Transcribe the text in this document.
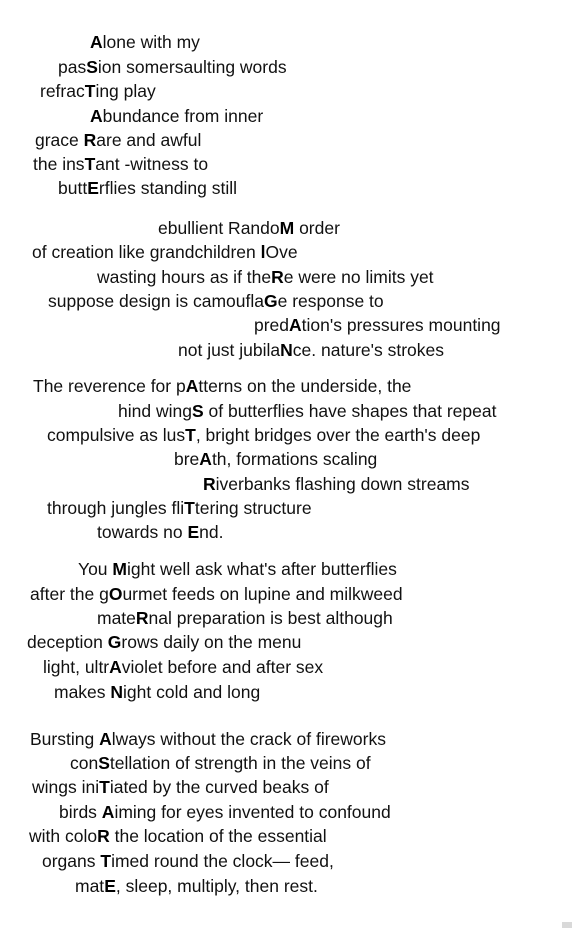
Alone with my
pasSion somersaulting words
refracTing play
Abundance from inner
grace Rare and awful
the insTant -witness to
buttErflies standing still
ebullient RandoM order
of creation like grandchildren lOve
wasting hours as if theRe were no limits yet
suppose design is camouflaGe response to
predAtion's pressures mounting
not just jubilaNce. nature's strokes
The reverence for pAtterns on the underside, the
hind wingS of butterflies have shapes that repeat
compulsive as lusT, bright bridges over the earth's deep
breAth, formations scaling
Riverbanks flashing down streams
through jungles fliTtering structure
towards no End.
You Might well ask what's after butterflies
after the gOurmet feeds on lupine and milkweed
mateRnal preparation is best although
deception Grows daily on the menu
light, ultrAviolet before and after sex
makes Night cold and long
Bursting Always without the crack of fireworks
conStellation of strength in the veins of
wings iniTiated by the curved beaks of
birds Aiming for eyes invented to confound
with coloR the location of the essential
organs Timed round the clock— feed,
matE, sleep, multiply, then rest.
